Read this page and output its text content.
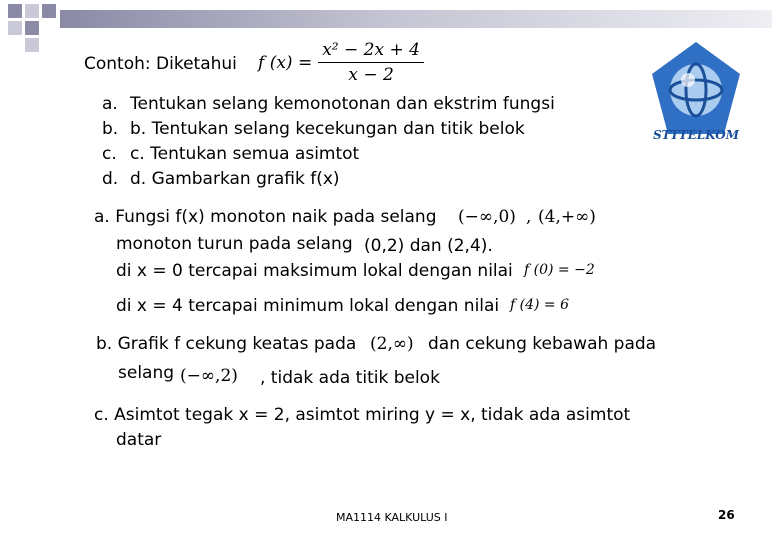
Contoh: Diketahui f $(x) = \frac{\text{x² − 2x + 4}}{x - 2}$
STTTELKOM
a. Tentukan selang kemonotonan dan ekstrim fungsi
b. b. Tentukan selang kecekungan dan titik belok
c. c. Tentukan semua asimtot
d. d. Gambarkan grafik f(x)
a. Fungsi f(x) monoton naik pada selang (−∞,0) , (4,+∞)
monoton turun pada selang (0,2) dan (2,4).
di x = 0 tercapai maksimum lokal dengan nilai f (0) = −2
di x = 4 tercapai minimum lokal dengan nilai f (4) = 6
b. Grafik f cekung keatas pada (2,∞) dan cekung kebawah pada
selang (−∞,2) , tidak ada titik belok
c. Asimtot tegak x = 2, asimtot miring y = x, tidak ada asimtot
datar
MA1114 KALKULUS I	26
